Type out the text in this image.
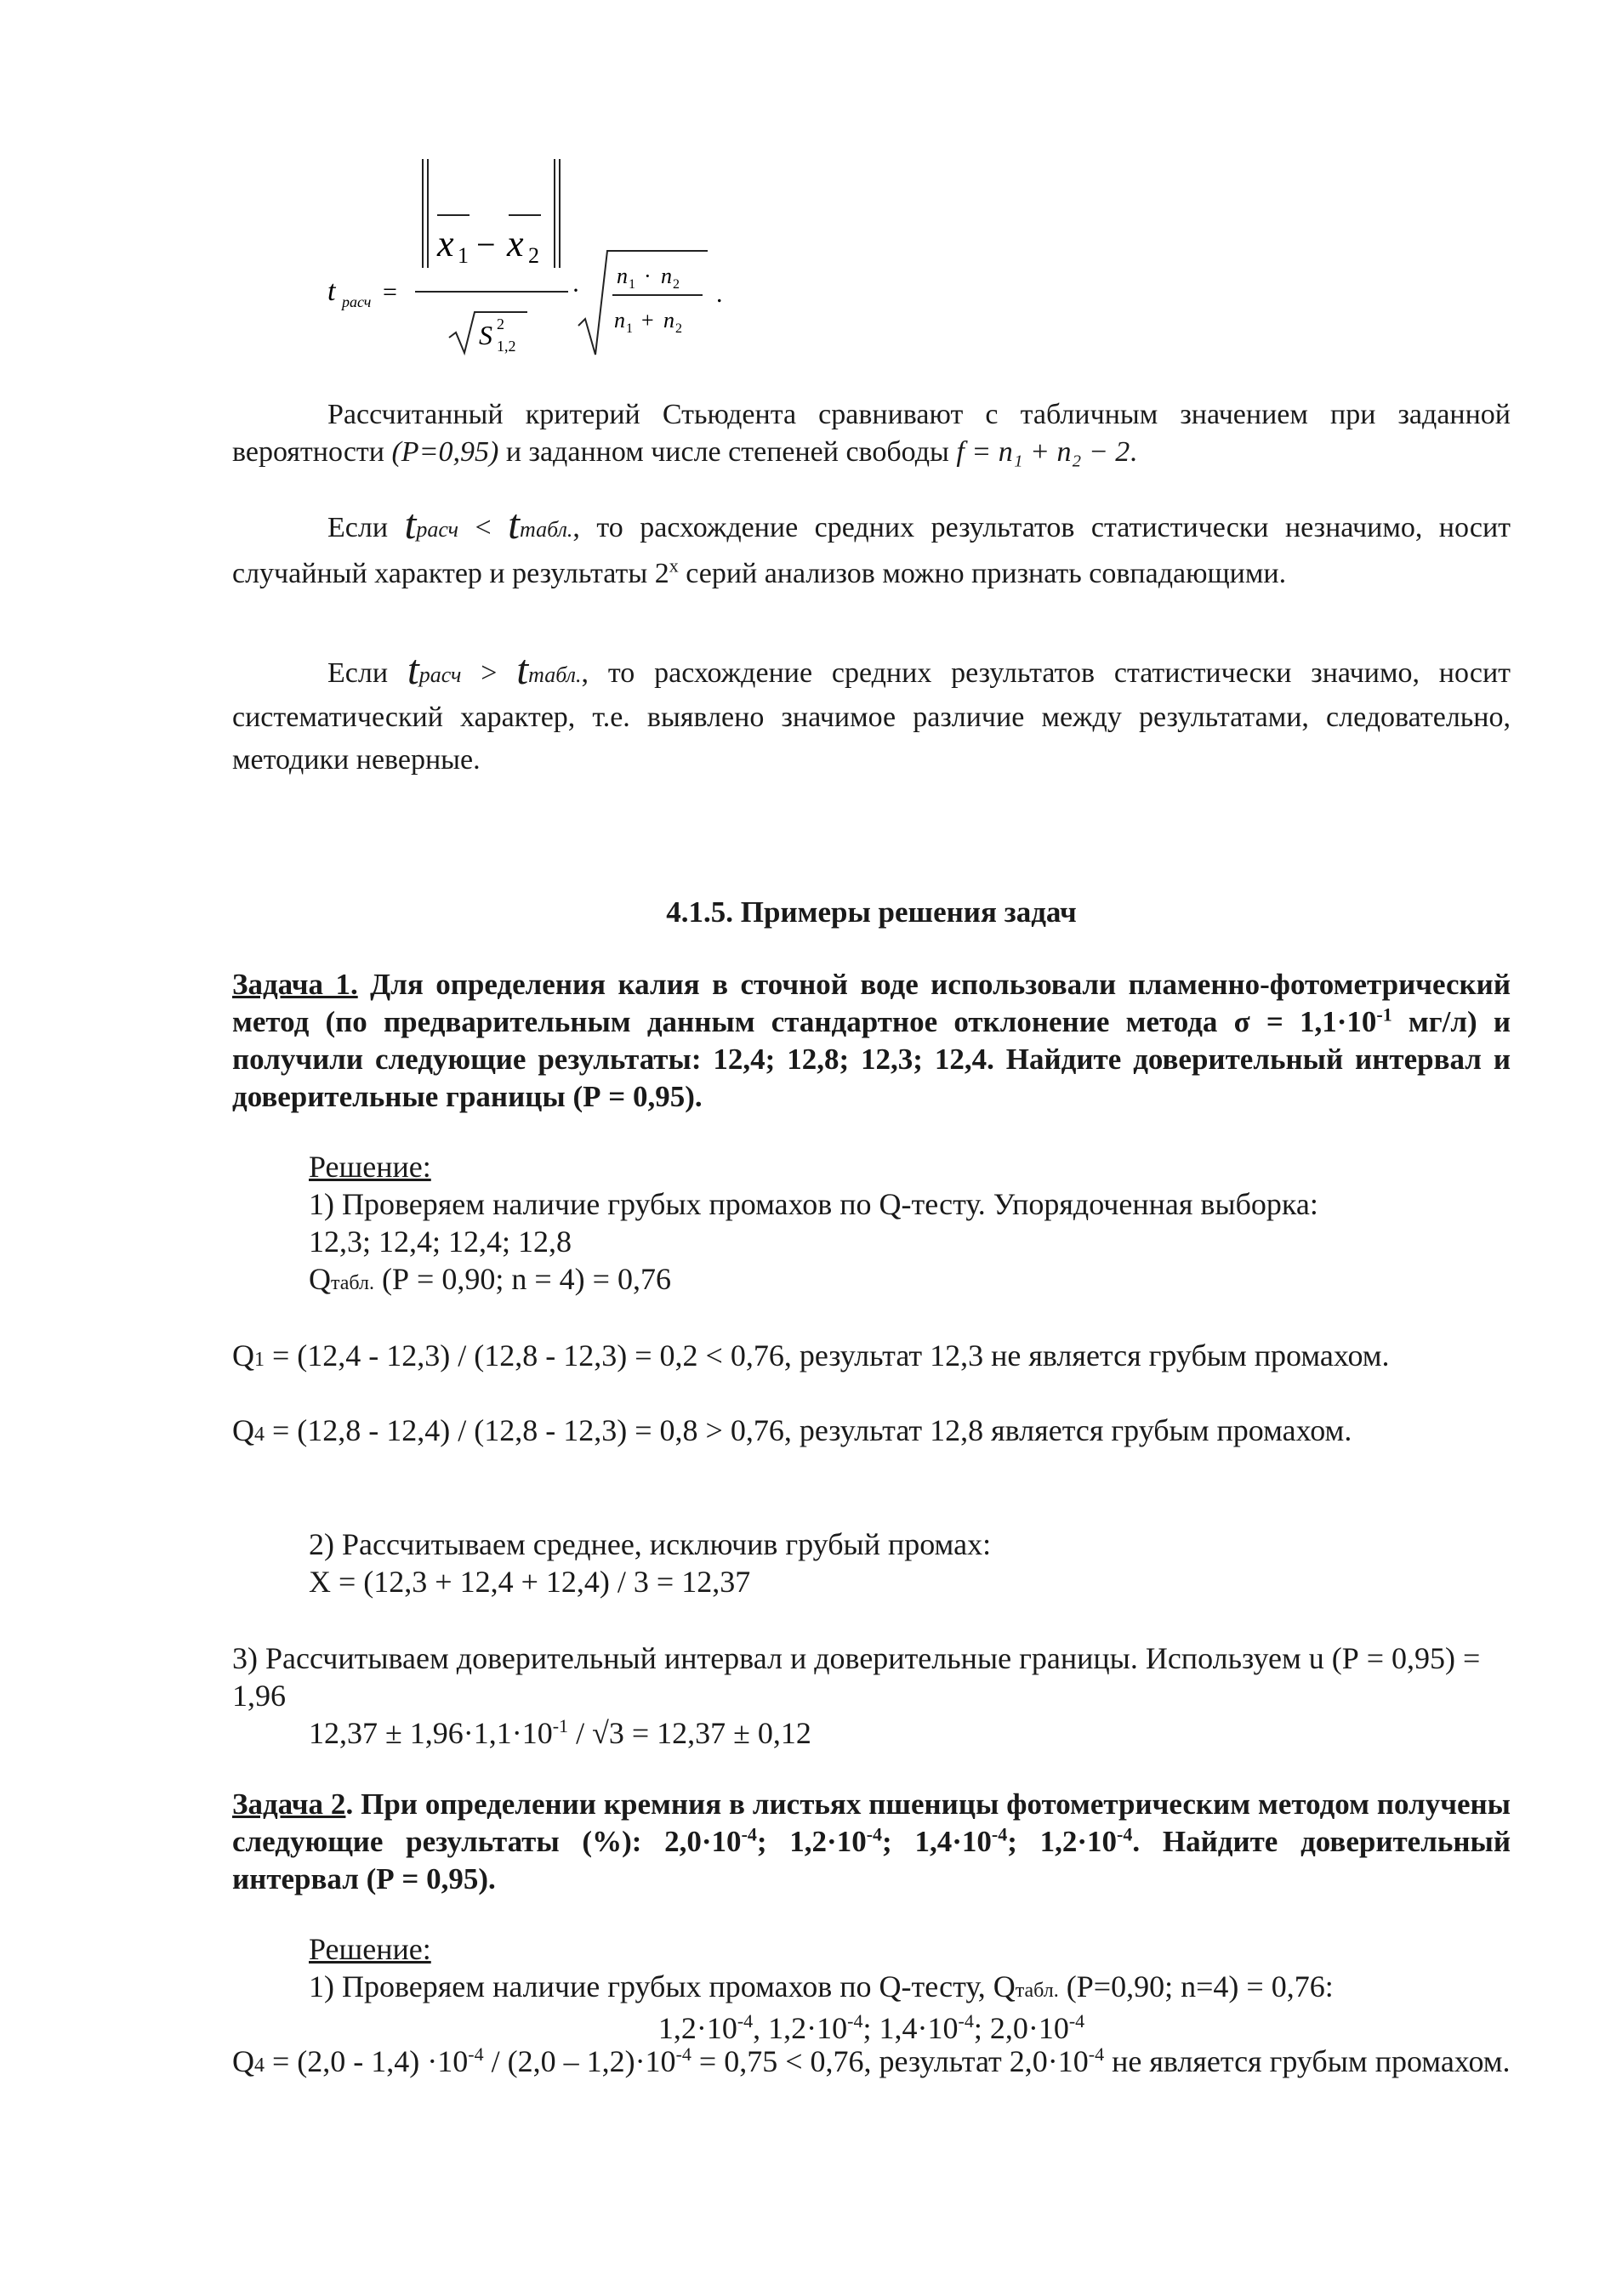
t расч =
x 1 − x 2
S 2
1,2
·
n 1 · n 2
n 1 + n 2
.

Рассчитанный критерий Стьюдента сравнивают с табличным значением при заданной вероятности (P=0,95) и заданном числе степеней свободы f = n₁ + n₂ − 2.

Если tрасч < tтабл., то расхождение средних результатов статистически незначимо, носит случайный характер и результаты $2^х$ серий анализов можно признать совпадающими.

Если tрасч > tтабл., то расхождение средних результатов статистически значимо, носит систематический характер, т.е. выявлено значимое различие между результатами, следовательно, методики неверные.

4.1.5. Примеры решения задач

Задача 1. Для определения калия в сточной воде использовали пламенно-фотометрический метод (по предварительным данным стандартное отклонение метода $\sigma = 1,1\cdot 10^{-1}$ мг/л) и получили следующие результаты: 12,4; 12,8; 12,3; 12,4. Найдите доверительный интервал и доверительные границы (Р = 0,95).

Решение:
1) Проверяем наличие грубых промахов по Q-тесту. Упорядоченная выборка:
12,3; 12,4; 12,4; 12,8
Qтабл. (Р = 0,90; n = 4) = 0,76

Q1 = (12,4 - 12,3) / (12,8 - 12,3) = 0,2 < 0,76, результат 12,3 не является грубым промахом.

Q4 = (12,8 - 12,4) / (12,8 - 12,3) = 0,8 > 0,76, результат 12,8 является грубым промахом.

2) Рассчитываем среднее, исключив грубый промах:
X = (12,3 + 12,4 + 12,4) / 3 = 12,37

3) Рассчитываем доверительный интервал и доверительные границы. Используем u (Р = 0,95) = 1,96

$12,37 \pm 1,96\cdot 1,1\cdot 10^{-1} / √3 = 12,37 \pm 0,12$

Задача 2. При определении кремния в листьях пшеницы фотометрическим методом получены следующие результаты (%): $2,0\cdot 10^{-4}$; $1,2\cdot 10^{-4}$; $1,4\cdot 10^{-4}$; $1,2\cdot 10^{-4}$. Найдите доверительный интервал (Р = 0,95).

Решение:
1) Проверяем наличие грубых промахов по Q-тесту, Qтабл. (P=0,90; n=4) = 0,76:
$1,2\cdot 10^{-4}$, $1,2\cdot 10^{-4}$; $1,4\cdot 10^{-4}$; $2,0\cdot 10^{-4}$

$Q4 = (2,0 - 1,4) \cdot 10^{-4} / (2,0 - 1,2)\cdot 10^{-4} = 0,75 < 0,76$, результат $2,0\cdot 10^{-4}$ не является грубым промахом.
